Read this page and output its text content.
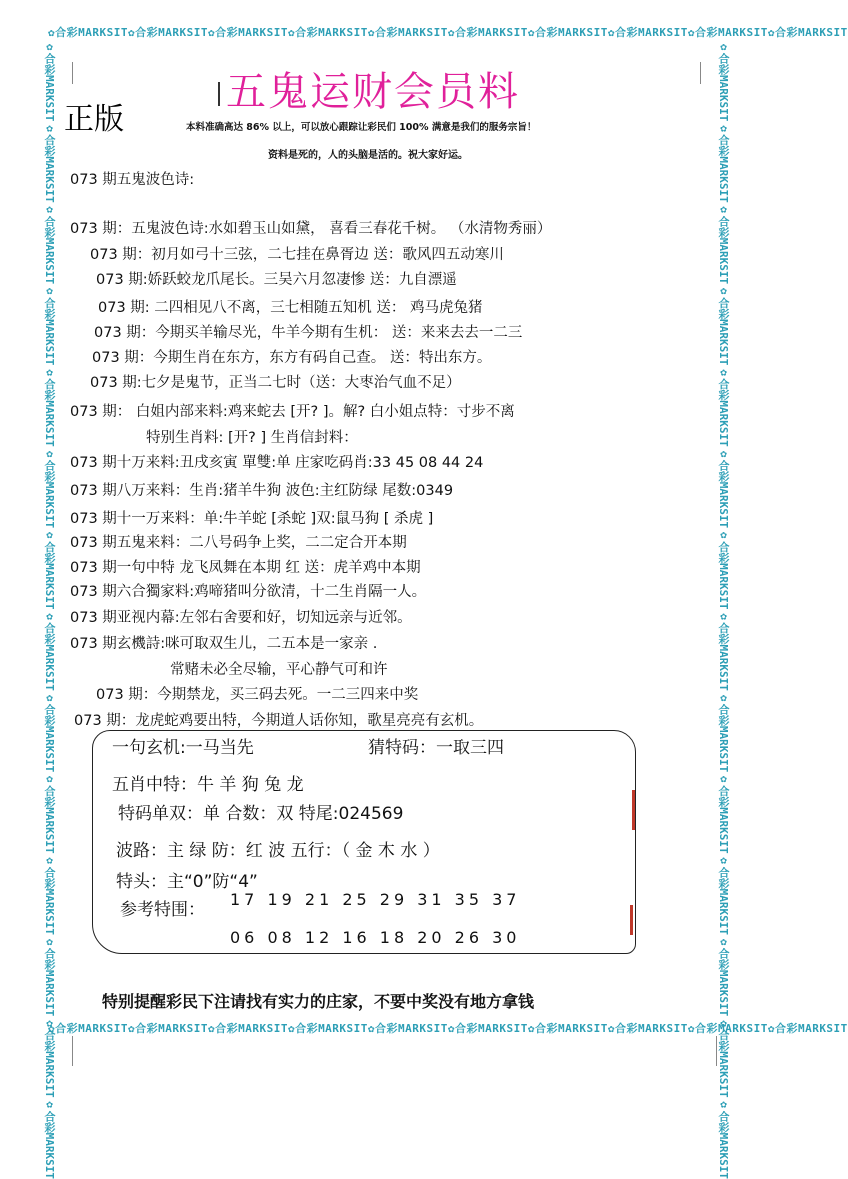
✿合彩MARKSIT✿合彩MARKSIT✿合彩MARKSIT✿合彩MARKSIT✿合彩MARKSIT✿合彩MARKSIT✿合彩MARKSIT✿合彩MARKSIT✿合彩MARKSIT✿合彩MARKSIT
✿合彩MARKSIT✿合彩MARKSIT✿合彩MARKSIT✿合彩MARKSIT✿合彩MARKSIT✿合彩MARKSIT✿合彩MARKSIT✿合彩MARKSIT✿合彩MARKSIT✿合彩MARKSIT
✿合彩MARKSIT✿合彩MARKSIT✿合彩MARKSIT✿合彩MARKSIT✿合彩MARKSIT✿合彩MARKSIT✿合彩MARKSIT✿合彩MARKSIT✿合彩MARKSIT✿合彩MARKSIT✿合彩MARKSIT✿合彩MARKSIT✿合彩MARKSIT✿合彩MARKSIT	✿合彩MARKSIT✿合彩MARKSIT✿合彩MARKSIT✿合彩MARKSIT✿合彩MARKSIT✿合彩MARKSIT✿合彩MARKSIT✿合彩MARKSIT✿合彩MARKSIT✿合彩MARKSIT✿合彩MARKSIT✿合彩MARKSIT✿合彩MARKSIT✿合彩MARKSIT
五鬼运财会员料
正版	本料准确高达 86% 以上，可以放心跟踪让彩民们 100% 满意是我们的服务宗旨！
资料是死的，人的头脑是活的。祝大家好运。
073 期五鬼波色诗:
073 期：五鬼波色诗:水如碧玉山如黛， 喜看三春花千树。 （水清物秀丽）
073 期：初月如弓十三弦，二七挂在鼻胥边 送：歌风四五动寒川
073 期:娇跃蛟龙爪尾长。三吴六月忽凄惨 送：九自漂遥
073 期: 二四相见八不离，三七相随五知机 送： 鸡马虎兔猪
073 期：今期买羊输尽光，牛羊今期有生机： 送：来来去去一二三
073 期：今期生肖在东方，东方有码自己查。 送：特出东方。
073 期:七夕是鬼节，正当二七时（送：大枣治气血不足）
073 期： 白姐内部来料:鸡来蛇去 [开? ]。解? 白小姐点特：寸步不离
特别生肖料: [开? ] 生肖信封料：
073 期十万来料:丑戌亥寅 單雙:单 庄家吃码肖:33 45 08 44 24
073 期八万来料：生肖:猪羊牛狗 波色:主红防绿 尾数:0349
073 期十一万来料：单:牛羊蛇 [杀蛇 ]双:鼠马狗 [ 杀虎 ]
073 期五鬼来料：二八号码争上奖，二二定合开本期
073 期一句中特 龙飞凤舞在本期 红 送：虎羊鸡中本期
073 期六合獨家料:鸡啼猪叫分欲清，十二生肖隔一人。
073 期亚视内幕:左邻右舍要和好，切知远亲与近邻。
073 期玄機詩:咪可取双生儿，二五本是一家亲 .
常赌未必全尽输，平心静气可和许
073 期：今期禁龙，买三码去死。一二三四来中奖
073 期：龙虎蛇鸡要出特，今期道人话你知，歌星亮亮有玄机。
一句玄机:一马当先	猜特码：一取三四
五肖中特：牛 羊 狗 兔 龙
特码单双：单 合数：双 特尾:024569
波路：主 绿 防：红 波 五行：（ 金 木 水 ）
特头：主“0”防“4”
参考特围：
17 19 21 25 29 31 35 37
06 08 12 16 18 20 26 30
特别提醒彩民下注请找有实力的庄家，不要中奖没有地方拿钱
